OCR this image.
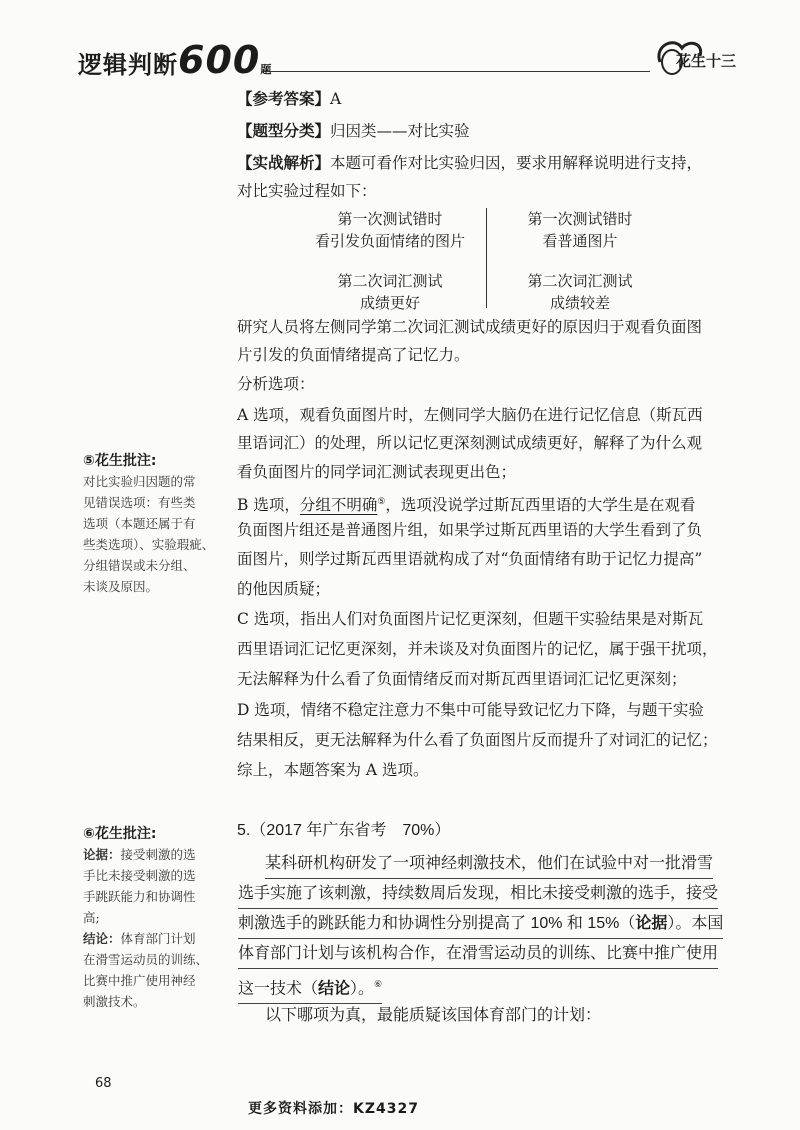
逻辑判断600题	花生十三
【参考答案】A
【题型分类】归因类——对比实验
【实战解析】本题可看作对比实验归因，要求用解释说明进行支持，
对比实验过程如下：
第一次测试错时
看引发负面情绪的图片
第一次测试错时
看普通图片
第二次词汇测试
成绩更好
第二次词汇测试
成绩较差
研究人员将左侧同学第二次词汇测试成绩更好的原因归于观看负面图
片引发的负面情绪提高了记忆力。
分析选项：
A 选项，观看负面图片时，左侧同学大脑仍在进行记忆信息（斯瓦西
里语词汇）的处理，所以记忆更深刻测试成绩更好，解释了为什么观
看负面图片的同学词汇测试表现更出色；
B 选项，分组不明确⑤，选项没说学过斯瓦西里语的大学生是在观看
负面图片组还是普通图片组，如果学过斯瓦西里语的大学生看到了负
面图片，则学过斯瓦西里语就构成了对“负面情绪有助于记忆力提高”
的他因质疑；
C 选项，指出人们对负面图片记忆更深刻，但题干实验结果是对斯瓦
西里语词汇记忆更深刻，并未谈及对负面图片的记忆，属于强干扰项，
无法解释为什么看了负面情绪反而对斯瓦西里语词汇记忆更深刻；
D 选项，情绪不稳定注意力不集中可能导致记忆力下降，与题干实验
结果相反，更无法解释为什么看了负面图片反而提升了对词汇的记忆；
综上，本题答案为 A 选项。
⑤花生批注:
对比实验归因题的常
见错误选项：有些类
选项（本题还属于有
些类选项）、实验瑕疵、
分组错误或未分组、
未谈及原因。
⑥花生批注:
论据：接受刺激的选
手比未接受刺激的选
手跳跃能力和协调性
高;
结论：体育部门计划
在滑雪运动员的训练、
比赛中推广使用神经
刺激技术。
5.（2017 年广东省考　70%）
某科研机构研发了一项神经刺激技术，他们在试验中对一批滑雪
选手实施了该刺激，持续数周后发现，相比未接受刺激的选手，接受
刺激选手的跳跃能力和协调性分别提高了 10% 和 15%（论据）。本国
体育部门计划与该机构合作，在滑雪运动员的训练、比赛中推广使用
这一技术（结论）。⑥
以下哪项为真，最能质疑该国体育部门的计划：
68
更多资料添加：KZ4327
